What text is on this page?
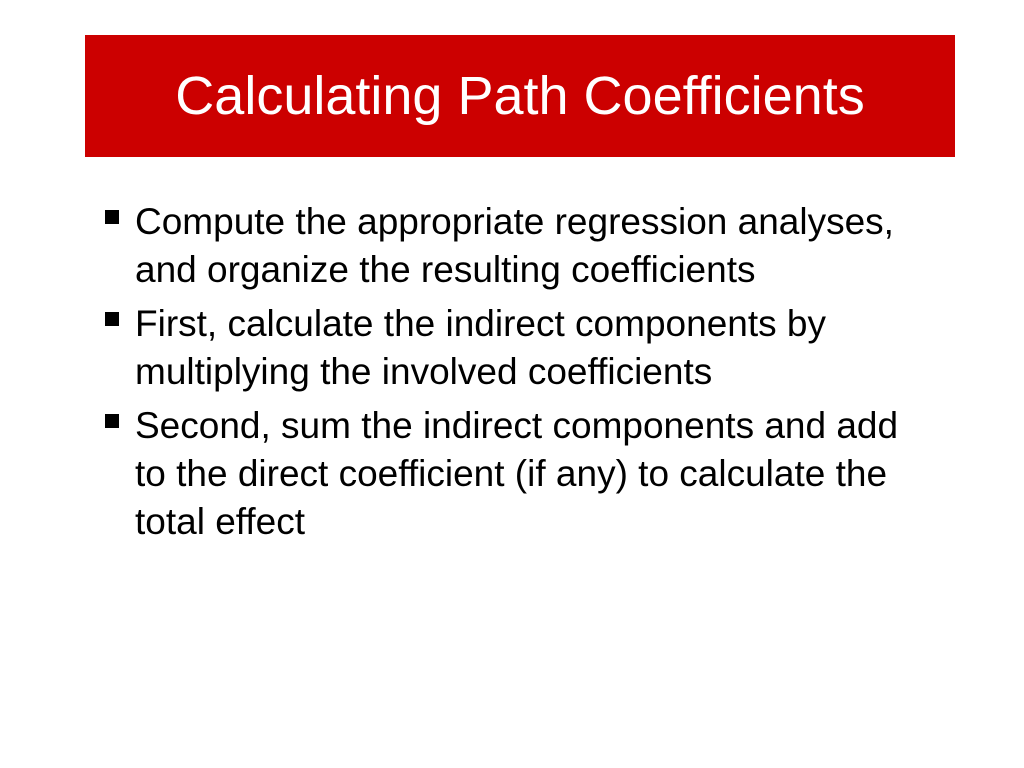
Calculating Path Coefficients
Compute the appropriate regression analyses, and organize the resulting coefficients
First, calculate the indirect components by multiplying the involved coefficients
Second, sum the indirect components and add to the direct coefficient (if any) to calculate the total effect
